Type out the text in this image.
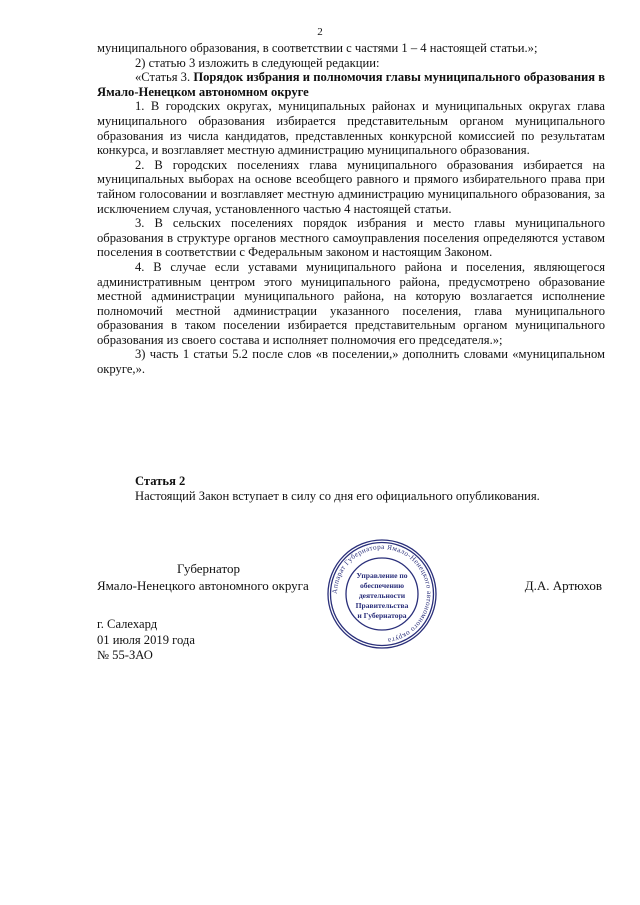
2

муниципального образования, в соответствии с частями 1 – 4 настоящей статьи.»;

2) статью 3 изложить в следующей редакции:

«Статья 3. Порядок избрания и полномочия главы муниципального образования в Ямало-Ненецком автономном округе

1. В городских округах, муниципальных районах и муниципальных округах глава муниципального образования избирается представительным органом муниципального образования из числа кандидатов, представленных конкурсной комиссией по результатам конкурса, и возглавляет местную администрацию муниципального образования.

2. В городских поселениях глава муниципального образования избирается на муниципальных выборах на основе всеобщего равного и прямого избирательного права при тайном голосовании и возглавляет местную администрацию муниципального образования, за исключением случая, установленного частью 4 настоящей статьи.

3. В сельских поселениях порядок избрания и место главы муниципального образования в структуре органов местного самоуправления поселения определяются уставом поселения в соответствии с Федеральным законом и настоящим Законом.

4. В случае если уставами муниципального района и поселения, являющегося административным центром этого муниципального района, предусмотрено образование местной администрации муниципального района, на которую возлагается исполнение полномочий местной администрации указанного поселения, глава муниципального образования в таком поселении избирается представительным органом муниципального образования из своего состава и исполняет полномочия его председателя.»;

3) часть 1 статьи 5.2 после слов «в поселении,» дополнить словами «муниципальном округе,».

Статья 2

Настоящий Закон вступает в силу со дня его официального опубликования.

Губернатор
Ямало-Ненецкого автономного округа	Д.А. Артюхов
Аппарат Губернатора Ямало-Ненецкого автономного округа
Управление по
обеспечению
деятельности
Правительства
и Губернатора
г. Салехард
01 июля 2019 года
№ 55-ЗАО
